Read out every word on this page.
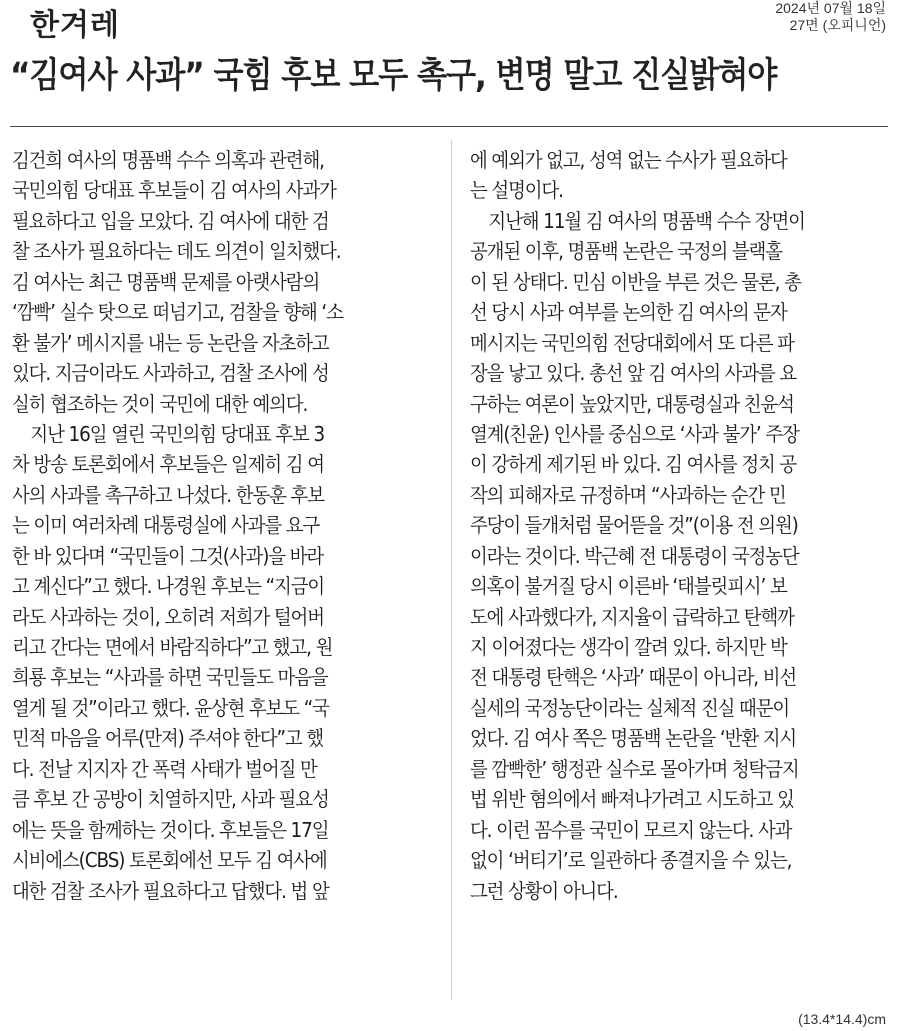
한겨레	2024년 07월 18일
27면 (오피니언)
“김여사 사과” 국힘 후보 모두 촉구, 변명 말고 진실밝혀야
김건희 여사의 명품백 수수 의혹과 관련해,
국민의힘 당대표 후보들이 김 여사의 사과가
필요하다고 입을 모았다. 김 여사에 대한 검
찰 조사가 필요하다는 데도 의견이 일치했다.
김 여사는 최근 명품백 문제를 아랫사람의
‘깜빡’ 실수 탓으로 떠넘기고, 검찰을 향해 ‘소
환 불가’ 메시지를 내는 등 논란을 자초하고
있다. 지금이라도 사과하고, 검찰 조사에 성
실히 협조하는 것이 국민에 대한 예의다.
지난 16일 열린 국민의힘 당대표 후보 3
차 방송 토론회에서 후보들은 일제히 김 여
사의 사과를 촉구하고 나섰다. 한동훈 후보
는 이미 여러차례 대통령실에 사과를 요구
한 바 있다며 “국민들이 그것(사과)을 바라
고 계신다”고 했다. 나경원 후보는 “지금이
라도 사과하는 것이, 오히려 저희가 털어버
리고 간다는 면에서 바람직하다”고 했고, 원
희룡 후보는 “사과를 하면 국민들도 마음을
열게 될 것”이라고 했다. 윤상현 후보도 “국
민적 마음을 어루(만져) 주셔야 한다”고 했
다. 전날 지지자 간 폭력 사태가 벌어질 만
큼 후보 간 공방이 치열하지만, 사과 필요성
에는 뜻을 함께하는 것이다. 후보들은 17일
시비에스(CBS) 토론회에선 모두 김 여사에
대한 검찰 조사가 필요하다고 답했다. 법 앞
에 예외가 없고, 성역 없는 수사가 필요하다
는 설명이다.
지난해 11월 김 여사의 명품백 수수 장면이
공개된 이후, 명품백 논란은 국정의 블랙홀
이 된 상태다. 민심 이반을 부른 것은 물론, 총
선 당시 사과 여부를 논의한 김 여사의 문자
메시지는 국민의힘 전당대회에서 또 다른 파
장을 낳고 있다. 총선 앞 김 여사의 사과를 요
구하는 여론이 높았지만, 대통령실과 친윤석
열계(친윤) 인사를 중심으로 ‘사과 불가’ 주장
이 강하게 제기된 바 있다. 김 여사를 정치 공
작의 피해자로 규정하며 “사과하는 순간 민
주당이 들개처럼 물어뜯을 것”(이용 전 의원)
이라는 것이다. 박근혜 전 대통령이 국정농단
의혹이 불거질 당시 이른바 ‘태블릿피시’ 보
도에 사과했다가, 지지율이 급락하고 탄핵까
지 이어졌다는 생각이 깔려 있다. 하지만 박
전 대통령 탄핵은 ‘사과’ 때문이 아니라, 비선
실세의 국정농단이라는 실체적 진실 때문이
었다. 김 여사 쪽은 명품백 논란을 ‘반환 지시
를 깜빡한’ 행정관 실수로 몰아가며 청탁금지
법 위반 혐의에서 빠져나가려고 시도하고 있
다. 이런 꼼수를 국민이 모르지 않는다. 사과
없이 ‘버티기’로 일관하다 종결지을 수 있는,
그런 상황이 아니다.
(13.4*14.4)cm
